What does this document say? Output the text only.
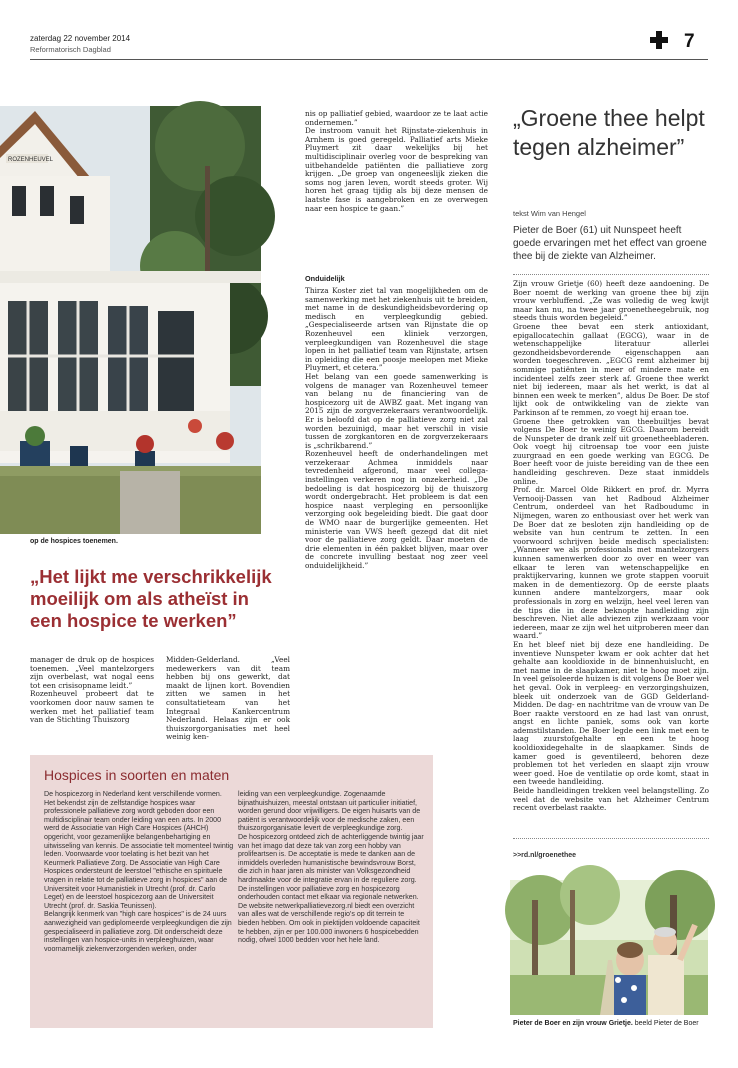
zaterdag 22 november 2014
Reformatorisch Dagblad	7
ROZENHEUVEL
op de hospices toenemen.
„Het lijkt me verschrikkelijk moeilijk om als atheïst in een hospice te werken”
manager de druk op de hospices toenemen. „Veel mantelzorgers zijn overbelast, wat nogal eens tot een crisisopname leidt.”
Rozenheuvel probeert dat te voorkomen door nauw samen te werken met het palliatief team van de Stichting Thuiszorg
Midden-Gelderland. „Veel medewerkers van dit team hebben bij ons gewerkt, dat maakt de lijnen kort. Bovendien zitten we samen in het consultatieteam van het Integraal Kankercentrum Nederland. Helaas zijn er ook thuiszorgorganisaties met heel weinig ken-
nis op palliatief gebied, waardoor ze te laat actie ondernemen.”
De instroom vanuit het Rijnstate-ziekenhuis in Arnhem is goed geregeld. Palliatief arts Mieke Pluymert zit daar wekelijks bij het multidisciplinair overleg voor de bespreking van uitbehandelde patiënten die palliatieve zorg krijgen. „De groep van ongeneeslijk zieken die soms nog jaren leven, wordt steeds groter. Wij horen het graag tijdig als bij deze mensen de laatste fase is aangebroken en ze overwegen naar een hospice te gaan.”
Onduidelijk
Thirza Koster ziet tal van mogelijkheden om de samenwerking met het ziekenhuis uit te breiden, met name in de deskundigheidsbevordering op medisch en verpleegkundig gebied. „Gespecialiseerde artsen van Rijnstate die op Rozenheuvel een kliniek verzorgen, verpleegkundigen van Rozenheuvel die stage lopen in het palliatief team van Rijnstate, artsen in opleiding die een poosje meelopen met Mieke Pluymert, et cetera.”
Het belang van een goede samenwerking is volgens de manager van Rozenheuvel temeer van belang nu de financiering van de hospicezorg uit de AWBZ gaat. Met ingang van 2015 zijn de zorgverzekeraars verantwoordelijk. Er is beloofd dat op de palliatieve zorg niet zal worden bezuinigd, maar het verschil in visie tussen de zorgkantoren en de zorgverzekeraars is „schrikbarend.”
Rozenheuvel heeft de onderhandelingen met verzekeraar Achmea inmiddels naar tevredenheid afgerond, maar veel collega-instellingen verkeren nog in onzekerheid. „De bedoeling is dat hospicezorg bij de thuiszorg wordt ondergebracht. Het probleem is dat een hospice naast verpleging en persoonlijke verzorging ook begeleiding biedt. Die gaat door de WMO naar de burgerlijke gemeenten. Het ministerie van VWS heeft gezegd dat dit niet voor de palliatieve zorg geldt. Daar moeten de drie elementen in één pakket blijven, maar over de concrete invulling bestaat nog zeer veel onduidelijkheid.”
Hospices in soorten en maten
De hospicezorg in Nederland kent verschillende vormen. Het bekendst zijn de zelfstandige hospices waar professionele palliatieve zorg wordt geboden door een multidisciplinair team onder leiding van een arts. In 2000 werd de Associatie van High Care Hospices (AHCH) opgericht, voor gezamenlijke belangenbehartiging en uitwisseling van kennis. De associatie telt momenteel twintig leden. Voorwaarde voor toelating is het bezit van het Keurmerk Palliatieve Zorg. De Associatie van High Care Hospices ondersteunt de leerstoel "ethische en spirituele vragen in relatie tot de palliatieve zorg in hospices" aan de Universiteit voor Humanistiek in Utrecht (prof. dr. Carlo Leget) en de leerstoel hospicezorg aan de Universiteit Utrecht (prof. dr. Saskia Teunissen).
Belangrijk kenmerk van "high care hospices" is de 24 uurs aanwezigheid van gediplomeerde verpleegkundigen die zijn gespecialiseerd in palliatieve zorg. Dit onderscheidt deze instellingen van hospice-units in verpleeghuizen, waar voornamelijk ziekenverzorgenden werken, onder
leiding van een verpleegkundige. Zogenaamde bijnathuishuizen, meestal ontstaan uit particulier initiatief, worden gerund door vrijwilligers. De eigen huisarts van de patiënt is verantwoordelijk voor de medische zaken, een thuiszorgorganisatie levert de verpleegkundige zorg.
De hospicezorg ontdeed zich de achterliggende twintig jaar van het imago dat deze tak van zorg een hobby van prolifeartsen is. De acceptatie is mede te danken aan de inmiddels overleden humanistische bewindsvrouw Borst, die zich in haar jaren als minister van Volksgezondheid hardmaakte voor de integratie ervan in de reguliere zorg.
De instellingen voor palliatieve zorg en hospicezorg onderhouden contact met elkaar via regionale netwerken. De website netwerkpalliatievezorg.nl biedt een overzicht van alles wat de verschillende regio's op dit terrein te bieden hebben. Om ook in piektijden voldoende capaciteit te hebben, zijn er per 100.000 inwoners 6 hospicebedden nodig, ofwel 1000 bedden voor het hele land.
„Groene thee helpt tegen alzheimer”
tekst Wim van Hengel
Pieter de Boer (61) uit Nunspeet heeft goede ervaringen met het effect van groene thee bij de ziekte van Alzheimer.
Zijn vrouw Grietje (60) heeft deze aandoening. De Boer noemt de werking van groene thee bij zijn vrouw verbluffend. „Ze was volledig de weg kwijt maar kan nu, na twee jaar groenetheegebruik, nog steeds thuis worden begeleid.”
Groene thee bevat een sterk antioxidant, epigallocatechin gallaat (EGCG), waar in de wetenschappelijke literatuur allerlei gezondheidsbevorderende eigenschappen aan worden toegeschreven. „EGCG remt alzheimer bij sommige patiënten in meer of mindere mate en incidenteel zelfs zeer sterk af. Groene thee werkt niet bij iedereen, maar als het werkt, is dat al binnen een week te merken”, aldus De Boer. De stof lijkt ook de ontwikkeling van de ziekte van Parkinson af te remmen, zo voegt hij eraan toe.
Groene thee getrokken van theebuiltjes bevat volgens De Boer te weinig EGCG. Daarom bereidt de Nunspeter de drank zelf uit groenetheebladeren. Ook voegt hij citroensap toe voor een juiste zuurgraad en een goede werking van EGCG. De Boer heeft voor de juiste bereiding van de thee een handleiding geschreven. Deze staat inmiddels online.
Prof. dr. Marcel Olde Rikkert en prof. dr. Myrra Vernooij-Dassen van het Radboud Alzheimer Centrum, onderdeel van het Radboudumc in Nijmegen, waren zo enthousiast over het werk van De Boer dat ze besloten zijn handleiding op de website van hun centrum te zetten. In een voorwoord schrijven beide medisch specialisten: „Wanneer we als professionals met mantelzorgers kunnen samenwerken door zo over en weer van elkaar te leren van wetenschappelijke en praktijkervaring, kunnen we grote stappen vooruit maken in de dementiezorg. Op de eerste plaats kunnen andere mantelzorgers, maar ook professionals in zorg en welzijn, heel veel leren van de tips die in deze beknopte handleiding zijn beschreven. Niet alle adviezen zijn werkzaam voor iedereen, maar ze zijn wel het uitproberen meer dan waard.”
En het bleef niet bij deze ene handleiding. De inventieve Nunspeter kwam er ook achter dat het gehalte aan kooldioxide in de binnenhuislucht, en met name in de slaapkamer, niet te hoog moet zijn. In veel geïsoleerde huizen is dit volgens De Boer wel het geval. Ook in verpleeg- en verzorgingshuizen, bleek uit onderzoek van de GGD Gelderland-Midden. De dag- en nachtritme van de vrouw van De Boer raakte verstoord en ze had last van onrust, angst en lichte paniek, soms ook van korte ademstilstanden. De Boer legde een link met een te laag zuurstofgehalte en een te hoog kooldioxidegehalte in de slaapkamer. Sinds de kamer goed is geventileerd, behoren deze problemen tot het verleden en slaapt zijn vrouw weer goed. Hoe de ventilatie op orde komt, staat in een tweede handleiding.
Beide handleidingen trekken veel belangstelling. Zo veel dat de website van het Alzheimer Centrum recent overbelast raakte.
>>rd.nl/groenethee
Pieter de Boer en zijn vrouw Grietje. beeld Pieter de Boer
